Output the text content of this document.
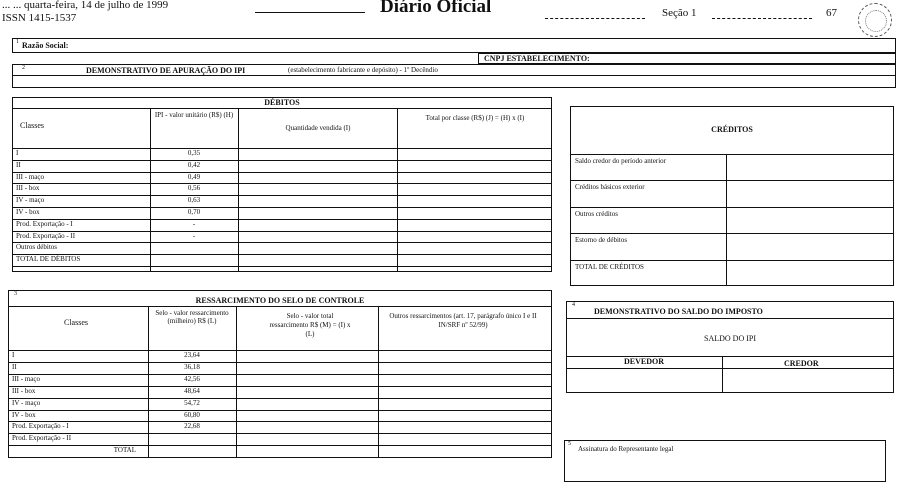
... ... quarta-feira, 14 de julho de 1999
ISSN 1415-1537
Diário Oficial	Seção 1	67
1 Razão Social:
CNPJ ESTABELECIMENTO:
2	DEMONSTRATIVO DE APURAÇÃO DO IPI	(estabelecimento fabricante e depósito) - 1º Decêndio
DÉBITOS
Classes
IPI - valor unitário (R$) (H)
Quantidade vendida (I)
Total por classe (R$) (J) = (H) x (I)
I	0,35
II	0,42
III - maço	0,49
III - box	0,56
IV - maço	0,63
IV - box	0,70
Prod. Exportação - I	-
Prod. Exportação - II	-
Outros débitos
TOTAL DE DÉBITOS
CRÉDITOS
Saldo credor do período anterior
Créditos básicos exterior
Outros créditos
Estorno de débitos
TOTAL DE CRÉDITOS
3
RESSARCIMENTO DO SELO DE CONTROLE
Classes
Selo - valor ressarcimento (milheiro) R$ (L)
Selo - valor total ressarcimento R$ (M) = (I) x (L)
Outros ressarcimentos (art. 17, parágrafo único I e II IN/SRF nº 52/99)
I	23,64
II	36,18
III - maço	42,56
III - box	48,64
IV - maço	54,72
IV - box	60,80
Prod. Exportação - I	22,68
Prod. Exportação - II
TOTAL
4
DEMONSTRATIVO DO SALDO DO IMPOSTO
SALDO DO IPI
DEVEDOR	CREDOR
5
Assinatura do Representante legal
